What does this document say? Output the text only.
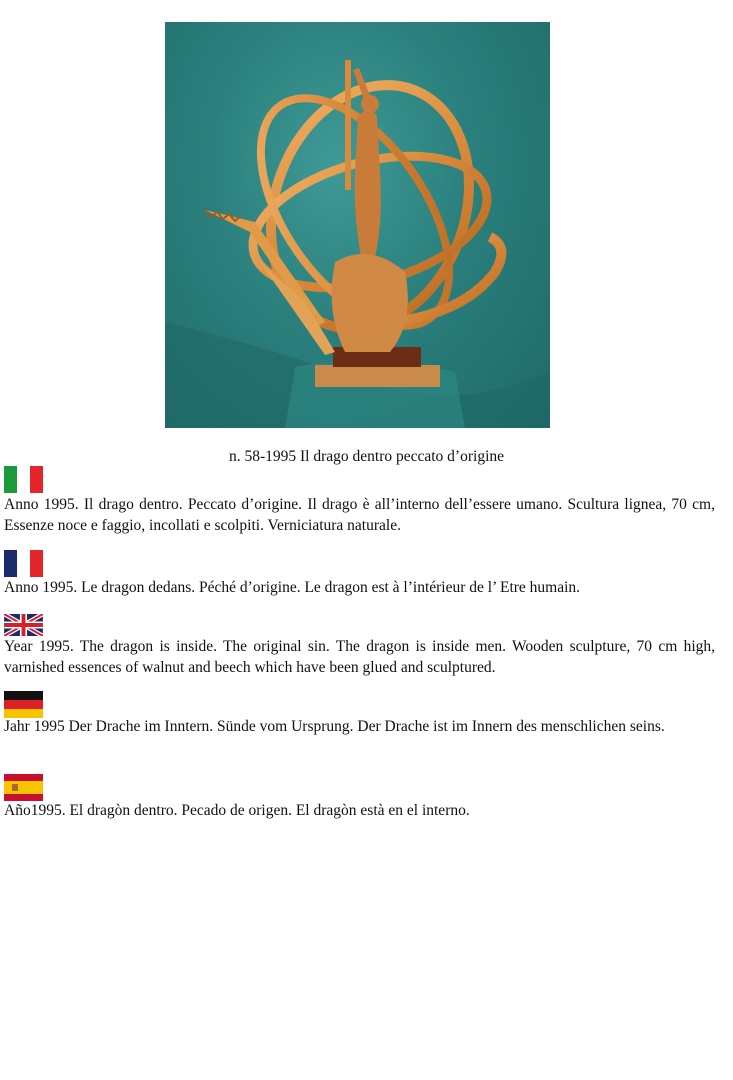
n. 58-1995 Il drago dentro peccato d’origine
Anno 1995. Il drago dentro. Peccato d’origine. Il drago è all’interno dell’essere umano. Scultura lignea, 70 cm, Essenze noce e faggio, incollati e scolpiti. Verniciatura naturale.
Anno 1995. Le dragon dedans. Péché d’origine. Le dragon est à l’intérieur de l’ Etre humain.
Year 1995. The dragon is inside. The original sin. The dragon is inside men. Wooden sculpture, 70 cm high, varnished essences of walnut and beech which have been glued and sculptured.
Jahr 1995 Der Drache im Inntern. Sünde vom Ursprung. Der Drache ist im Innern des menschlichen seins.
Año1995. El dragòn dentro. Pecado de origen. El dragòn està en el interno.
